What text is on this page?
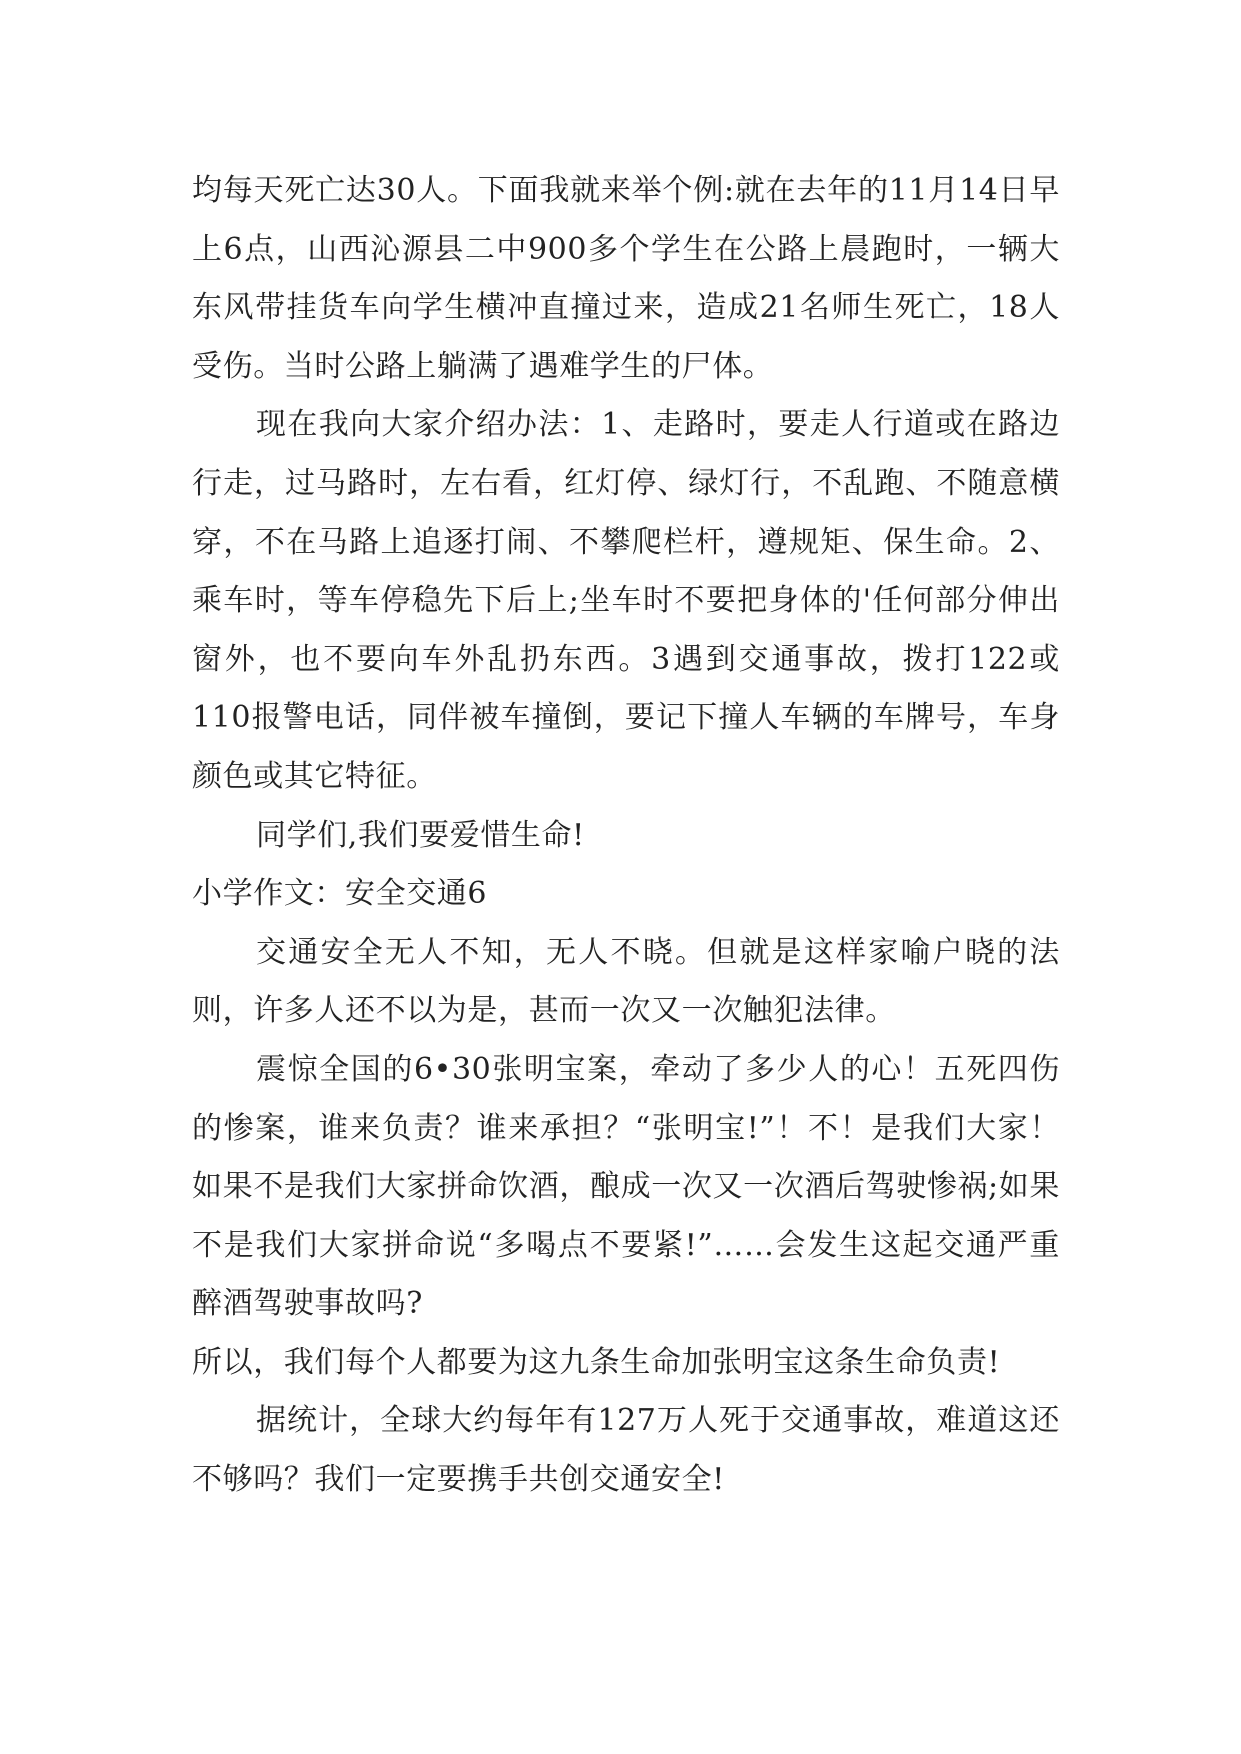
均每天死亡达30人。下面我就来举个例:就在去年的11月14日早上6点，山西沁源县二中900多个学生在公路上晨跑时，一辆大东风带挂货车向学生横冲直撞过来，造成21名师生死亡，18人受伤。当时公路上躺满了遇难学生的尸体。

现在我向大家介绍办法：1、走路时，要走人行道或在路边行走，过马路时，左右看，红灯停、绿灯行，不乱跑、不随意横穿，不在马路上追逐打闹、不攀爬栏杆，遵规矩、保生命。2、乘车时，等车停稳先下后上;坐车时不要把身体的'任何部分伸出窗外，也不要向车外乱扔东西。3遇到交通事故，拨打122或110报警电话，同伴被车撞倒，要记下撞人车辆的车牌号，车身颜色或其它特征。

同学们,我们要爱惜生命!

小学作文：安全交通6

交通安全无人不知，无人不晓。但就是这样家喻户晓的法则，许多人还不以为是，甚而一次又一次触犯法律。

震惊全国的6•30张明宝案，牵动了多少人的心！五死四伤的惨案，谁来负责？谁来承担？“张明宝!”！不！是我们大家！如果不是我们大家拼命饮酒，酿成一次又一次酒后驾驶惨祸;如果不是我们大家拼命说“多喝点不要紧!”……会发生这起交通严重醉酒驾驶事故吗?

所以，我们每个人都要为这九条生命加张明宝这条生命负责!

据统计，全球大约每年有127万人死于交通事故，难道这还不够吗？我们一定要携手共创交通安全!
